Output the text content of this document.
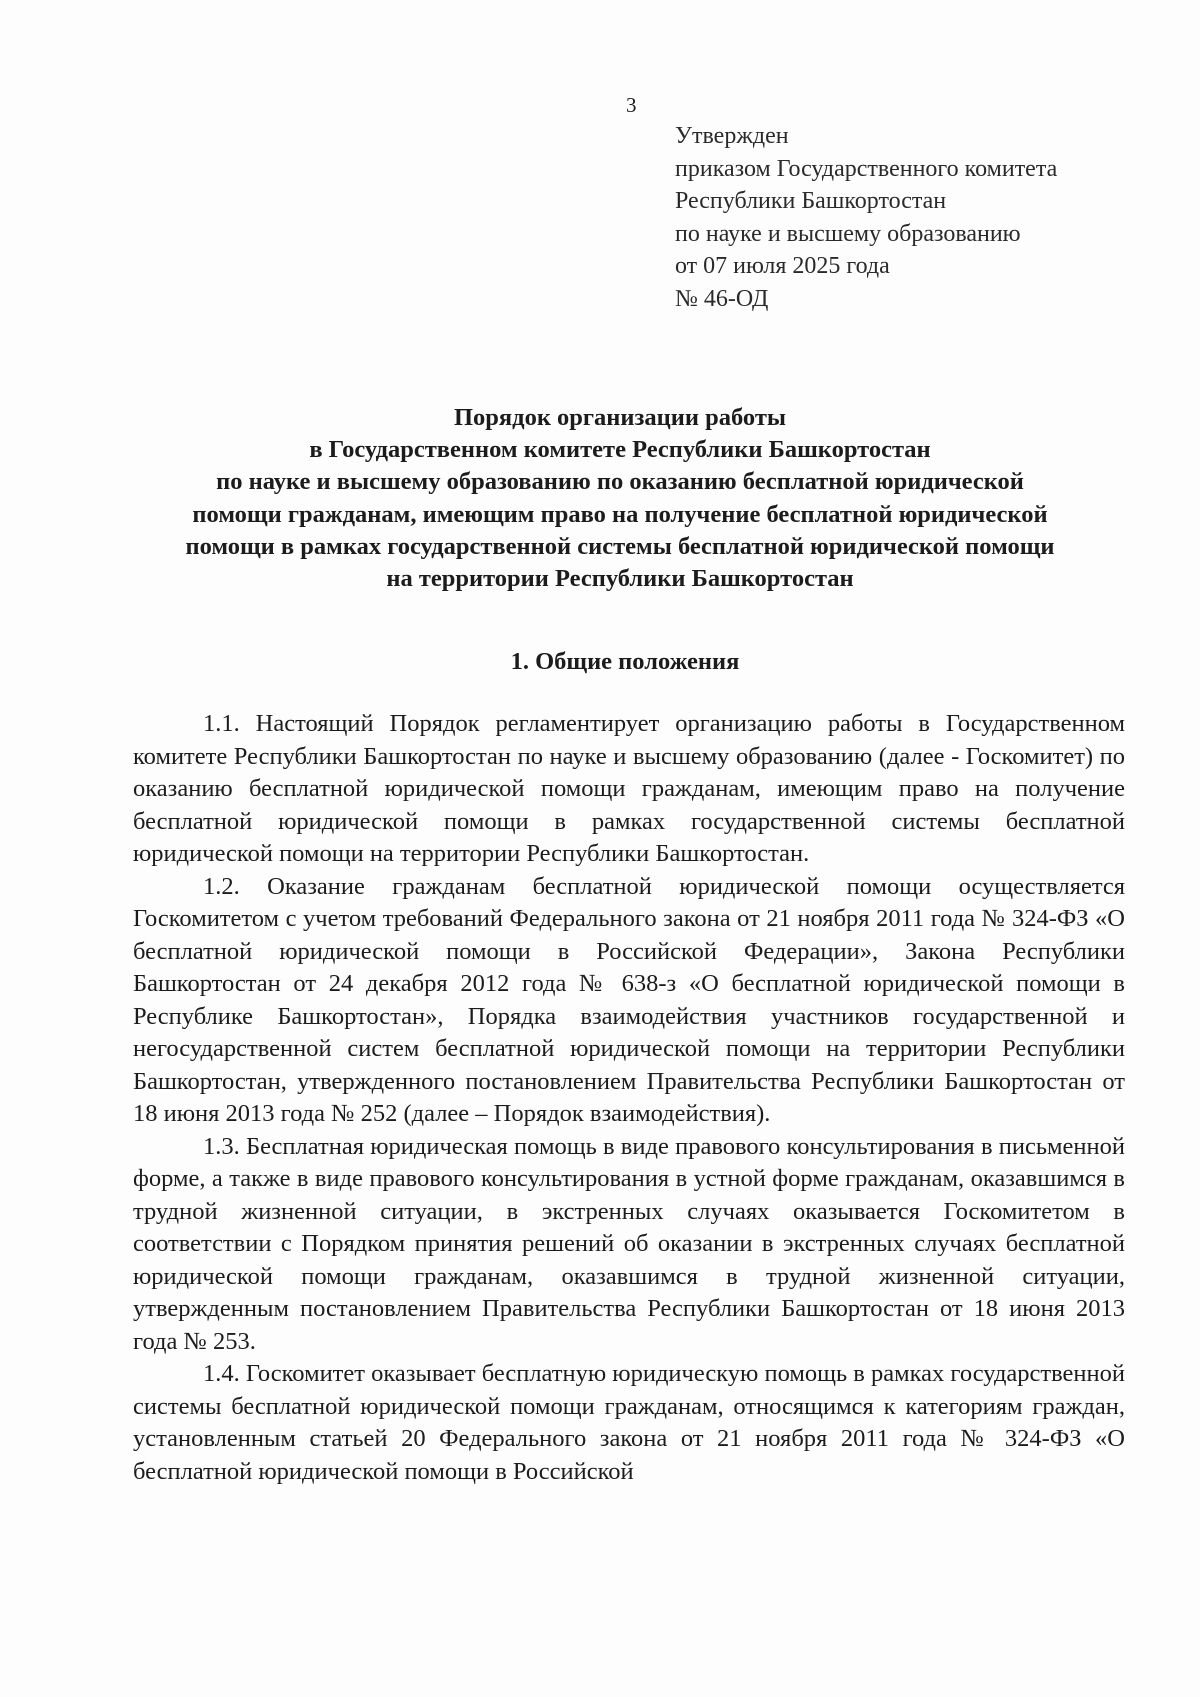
3
Утвержден
приказом Государственного комитета
Республики Башкортостан
по науке и высшему образованию
от 07 июля 2025 года
№ 46-ОД
Порядок организации работы
в Государственном комитете Республики Башкортостан
по науке и высшему образованию по оказанию бесплатной юридической
помощи гражданам, имеющим право на получение бесплатной юридической
помощи в рамках государственной системы бесплатной юридической помощи
на территории Республики Башкортостан
1. Общие положения

1.1. Настоящий Порядок регламентирует организацию работы в Государственном комитете Республики Башкортостан по науке и высшему образованию (далее - Госкомитет) по оказанию бесплатной юридической помощи гражданам, имеющим право на получение бесплатной юридической помощи в рамках государственной системы бесплатной юридической помощи на территории Республики Башкортостан.

1.2. Оказание гражданам бесплатной юридической помощи осуществляется Госкомитетом с учетом требований Федерального закона от 21 ноября 2011 года № 324-ФЗ «О бесплатной юридической помощи в Российской Федерации», Закона Республики Башкортостан от 24 декабря 2012 года № 638-з «О бесплатной юридической помощи в Республике Башкортостан», Порядка взаимодействия участников государственной и негосударственной систем бесплатной юридической помощи на территории Республики Башкортостан, утвержденного постановлением Правительства Республики Башкортостан от 18 июня 2013 года № 252 (далее – Порядок взаимодействия).

1.3. Бесплатная юридическая помощь в виде правового консультирования в письменной форме, а также в виде правового консультирования в устной форме гражданам, оказавшимся в трудной жизненной ситуации, в экстренных случаях оказывается Госкомитетом в соответствии с Порядком принятия решений об оказании в экстренных случаях бесплатной юридической помощи гражданам, оказавшимся в трудной жизненной ситуации, утвержденным постановлением Правительства Республики Башкортостан от 18 июня 2013 года № 253.

1.4. Госкомитет оказывает бесплатную юридическую помощь в рамках государственной системы бесплатной юридической помощи гражданам, относящимся к категориям граждан, установленным статьей 20 Федерального закона от 21 ноября 2011 года № 324-ФЗ «О бесплатной юридической помощи в Российской
